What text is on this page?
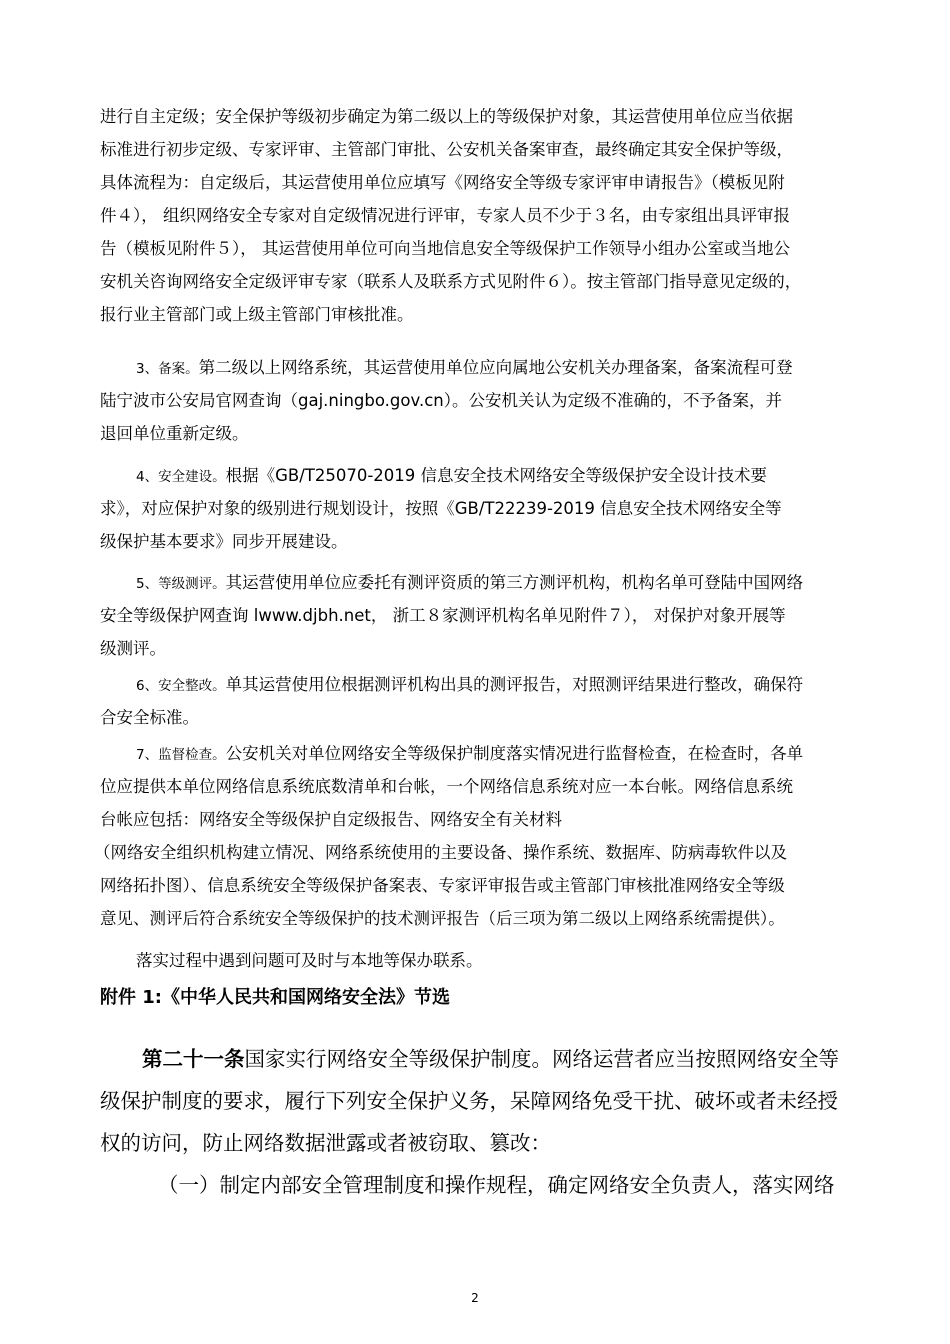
进行自主定级；安全保护等级初步确定为第二级以上的等级保护对象，其运营使用单位应当依据
标准进行初步定级、专家评审、主管部门审批、公安机关备案审查，最终确定其安全保护等级，
具体流程为：自定级后，其运营使用单位应填写《网络安全等级专家评审申请报告》（模板见附
件４）， 组织网络安全专家对自定级情况进行评审，专家人员不少于３名，由专家组出具评审报
告（模板见附件５）， 其运营使用单位可向当地信息安全等级保护工作领导小组办公室或当地公
安机关咨询网络安全定级评审专家（联系人及联系方式见附件６）。按主管部门指导意见定级的，
报行业主管部门或上级主管部门审核批准。
3、备案。第二级以上网络系统，其运营使用单位应向属地公安机关办理备案，备案流程可登
陆宁波市公安局官网查询（gaj.ningbo.gov.cn）。公安机关认为定级不准确的，不予备案，并
退回单位重新定级。
4、安全建设。根据《GB/T25070-2019 信息安全技术网络安全等级保护安全设计技术要
求》，对应保护对象的级别进行规划设计，按照《GB/T22239-2019 信息安全技术网络安全等
级保护基本要求》同步开展建设。
5、等级测评。其运营使用单位应委托有测评资质的第三方测评机构，机构名单可登陆中国网络
安全等级保护网查询 lwww.djbh.net， 浙工８家测评机构名单见附件７）， 对保护对象开展等
级测评。
6、安全整改。单其运营使用位根据测评机构出具的测评报告，对照测评结果进行整改，确保符
合安全标准。
7、监督检查。公安机关对单位网络安全等级保护制度落实情况进行监督检查，在检查时，各单
位应提供本单位网络信息系统底数清单和台帐，一个网络信息系统对应一本台帐。网络信息系统
台帐应包括：网络安全等级保护自定级报告、网络安全有关材料
（网络安全组织机构建立情况、网络系统使用的主要设备、操作系统、数据库、防病毒软件以及
网络拓扑图）、信息系统安全等级保护备案表、专家评审报告或主管部门审核批准网络安全等级
意见、测评后符合系统安全等级保护的技术测评报告（后三项为第二级以上网络系统需提供）。
落实过程中遇到问题可及时与本地等保办联系。
附件 1:《中华人民共和国网络安全法》节选
第二十一条国家实行网络安全等级保护制度。网络运营者应当按照网络安全等
级保护制度的要求，履行下列安全保护义务，呆障网络免受干扰、破坏或者未经授
权的访问，防止网络数据泄露或者被窃取、篡改：
（一）制定内部安全管理制度和操作规程，确定网络安全负责人，落实网络
2
